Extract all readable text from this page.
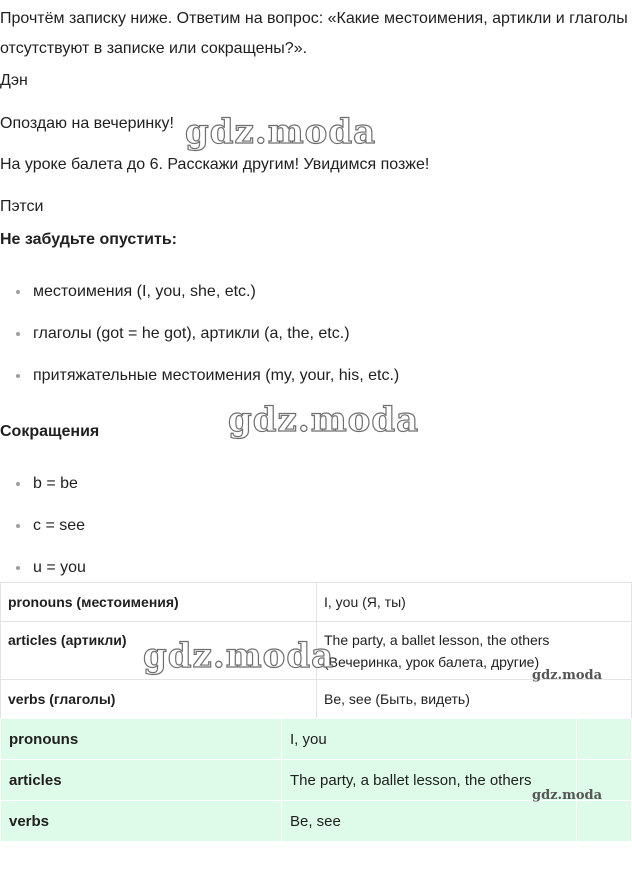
Прочтём записку ниже. Ответим на вопрос: «Какие местоимения, артикли и глаголы отсутствуют в записке или сокращены?».
Дэн
Опоздаю на вечеринку!
На уроке балета до 6. Расскажи другим! Увидимся позже!
Пэтси
Не забудьте опустить:
местоимения (I, you, she, etc.)
глаголы (got = he got), артикли (a, the, etc.)
притяжательные местоимения (my, your, his, etc.)
Сокращения
b = be
c = see
u = you
pronouns (местоимения)	I, you (Я, ты)
articles (артикли)	The party, a ballet lesson, the others (Вечеринка, урок балета, другие)
verbs (глаголы)	Be, see (Быть, видеть)
pronouns	I, you	
articles	The party, a ballet lesson, the others	
verbs	Be, see	
gdz.moda
gdz.moda
gdz.moda	gdz.moda
gdz.moda
